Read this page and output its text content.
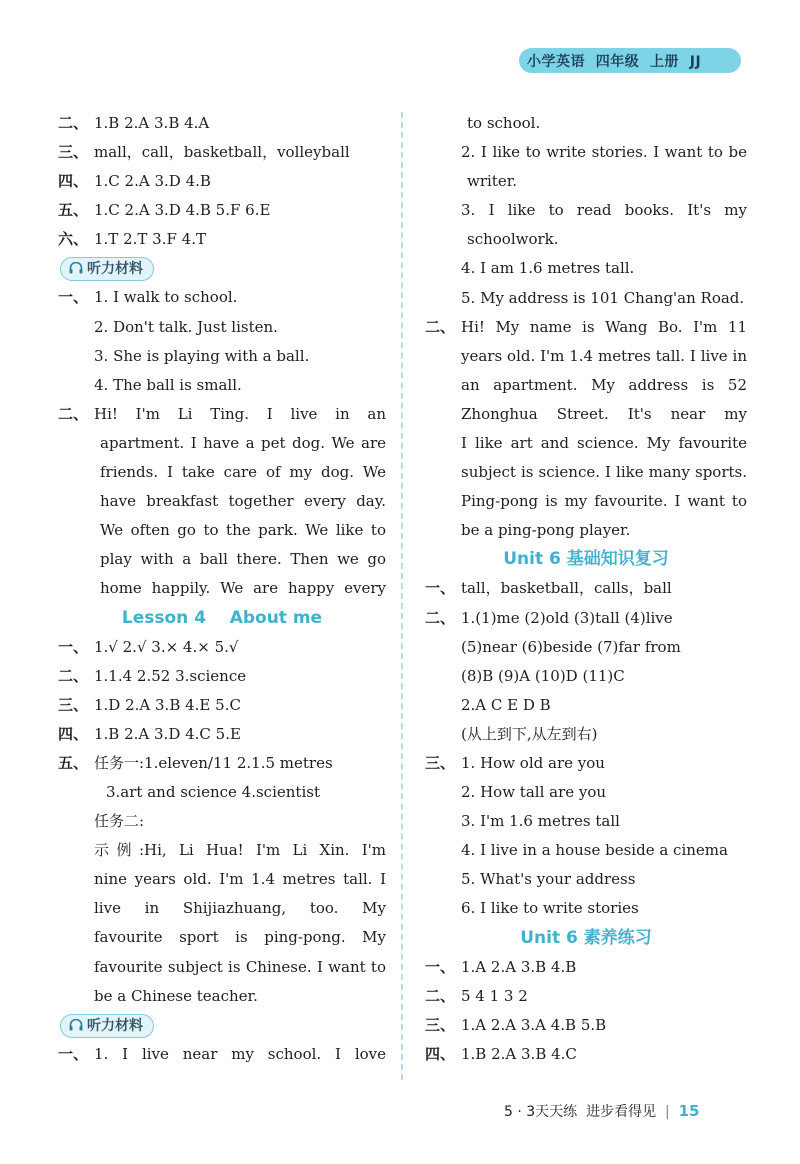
小学英语  四年级  上册  JJ
二、 1.B 2.A 3.B 4.A
三、 mall，call，basketball，volleyball
四、 1.C 2.A 3.D 4.B
五、 1.C 2.A 3.D 4.B 5.F 6.E
六、 1.T 2.T 3.F 4.T
听力材料
一、 1. I walk to school.
2. Don't talk. Just listen.
3. She is playing with a ball.
4. The ball is small.
二、 Hi! I'm Li Ting. I live in an
apartment. I have a pet dog. We are
friends. I take care of my dog. We
have breakfast together every day.
We often go to the park. We like to
play with a ball there. Then we go
home happily. We are happy every
Lesson 4    About me
一、 1.√ 2.√ 3.× 4.× 5.√
二、 1.1.4 2.52 3.science
三、 1.D 2.A 3.B 4.E 5.C
四、 1.B 2.A 3.D 4.C 5.E
五、 任务一:1.eleven/11 2.1.5 metres
3.art and science 4.scientist
任务二:
示例:Hi, Li Hua! I'm Li Xin. I'm
nine years old. I'm 1.4 metres tall. I
live in Shijiazhuang, too. My
favourite sport is ping-pong. My
favourite subject is Chinese. I want to
be a Chinese teacher.
听力材料
一、 1. I live near my school. I love
to school.
2. I like to write stories. I want to be
writer.
3. I like to read books. It's my
schoolwork.
4. I am 1.6 metres tall.
5. My address is 101 Chang'an Road.
二、 Hi! My name is Wang Bo. I'm 11
years old. I'm 1.4 metres tall. I live in
an apartment. My address is 52
Zhonghua Street. It's near my
I like art and science. My favourite
subject is science. I like many sports.
Ping-pong is my favourite. I want to
be a ping-pong player.
Unit 6 基础知识复习
一、 tall，basketball，calls，ball
二、 1.(1)me (2)old (3)tall (4)live
(5)near (6)beside (7)far from
(8)B (9)A (10)D (11)C
2.A C E D B
(从上到下,从左到右)
三、 1. How old are you
2. How tall are you
3. I'm 1.6 metres tall
4. I live in a house beside a cinema
5. What's your address
6. I like to write stories
Unit 6 素养练习
一、 1.A 2.A 3.B 4.B
二、 5 4 1 3 2
三、 1.A 2.A 3.A 4.B 5.B
四、 1.B 2.A 3.B 4.C
5 · 3天天练  进步看得见 | 15
